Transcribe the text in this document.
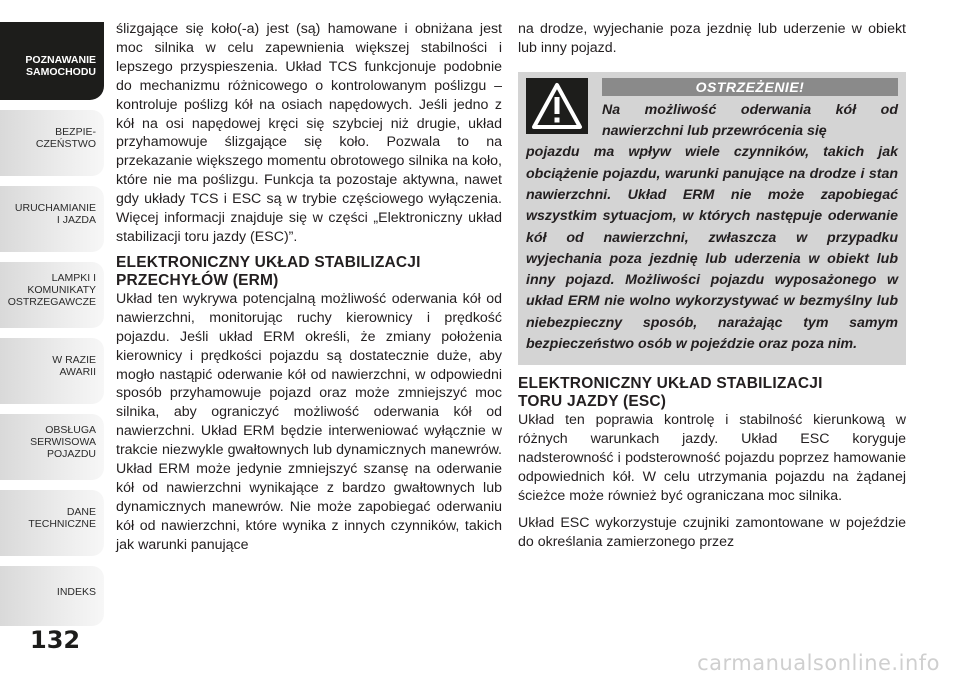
POZNAWANIE
SAMOCHODU
BEZPIE-
CZEŃSTWO
URUCHAMIANIE
I JAZDA
LAMPKI I
KOMUNIKATY
OSTRZEGAWCZE
W RAZIE
AWARII
OBSŁUGA
SERWISOWA
POJAZDU
DANE
TECHNICZNE
INDEKS
132

ślizgające się koło(-a) jest (są) hamowane i obniżana jest moc silnika w celu zapewnienia większej stabilności i lepszego przyspieszenia. Układ TCS funkcjonuje podobnie do mechanizmu różnicowego o kontrolowanym poślizgu – kontroluje poślizg kół na osiach napędowych. Jeśli jedno z kół na osi napędowej kręci się szybciej niż drugie, układ przyhamowuje ślizgające się koło. Pozwala to na przekazanie większego momentu obrotowego silnika na koło, które nie ma poślizgu. Funkcja ta pozostaje aktywna, nawet gdy układy TCS i ESC są w trybie częściowego wyłączenia. Więcej informacji znajduje się w części „Elektroniczny układ stabilizacji toru jazdy (ESC)”.

ELEKTRONICZNY UKŁAD STABILIZACJI
PRZECHYŁÓW (ERM)

Układ ten wykrywa potencjalną możliwość oderwania kół od nawierzchni, monitorując ruchy kierownicy i prędkość pojazdu. Jeśli układ ERM określi, że zmiany położenia kierownicy i prędkości pojazdu są dostatecznie duże, aby mogło nastąpić oderwanie kół od nawierzchni, w odpowiedni sposób przyhamowuje pojazd oraz może zmniejszyć moc silnika, aby ograniczyć możliwość oderwania kół od nawierzchni. Układ ERM będzie interweniować wyłącznie w trakcie niezwykle gwałtownych lub dynamicznych manewrów. Układ ERM może jedynie zmniejszyć szansę na oderwanie kół od nawierzchni wynikające z bardzo gwałtownych lub dynamicznych manewrów. Nie może zapobiegać oderwaniu kół od nawierzchni, które wynika z innych czynników, takich jak warunki panujące

na drodze, wyjechanie poza jezdnię lub uderzenie w obiekt lub inny pojazd.

OSTRZEŻENIE!
Na możliwość oderwania kół od nawierzchni lub przewrócenia się
pojazdu ma wpływ wiele czynników, takich jak obciążenie pojazdu, warunki panujące na drodze i stan nawierzchni. Układ ERM nie może zapobiegać wszystkim sytuacjom, w których następuje oderwanie kół od nawierzchni, zwłaszcza w przypadku wyjechania poza jezdnię lub uderzenia w obiekt lub inny pojazd. Możliwości pojazdu wyposażonego w układ ERM nie wolno wykorzystywać w bezmyślny lub niebezpieczny sposób, narażając tym samym bezpieczeństwo osób w pojeździe oraz poza nim.
ELEKTRONICZNY UKŁAD STABILIZACJI
TORU JAZDY (ESC)

Układ ten poprawia kontrolę i stabilność kierunkową w różnych warunkach jazdy. Układ ESC koryguje nadsterowność i podsterowność pojazdu poprzez hamowanie odpowiednich kół. W celu utrzymania pojazdu na żądanej ścieżce może również być ograniczana moc silnika.

Układ ESC wykorzystuje czujniki zamontowane w pojeździe do określania zamierzonego przez

carmanualsonline.info
